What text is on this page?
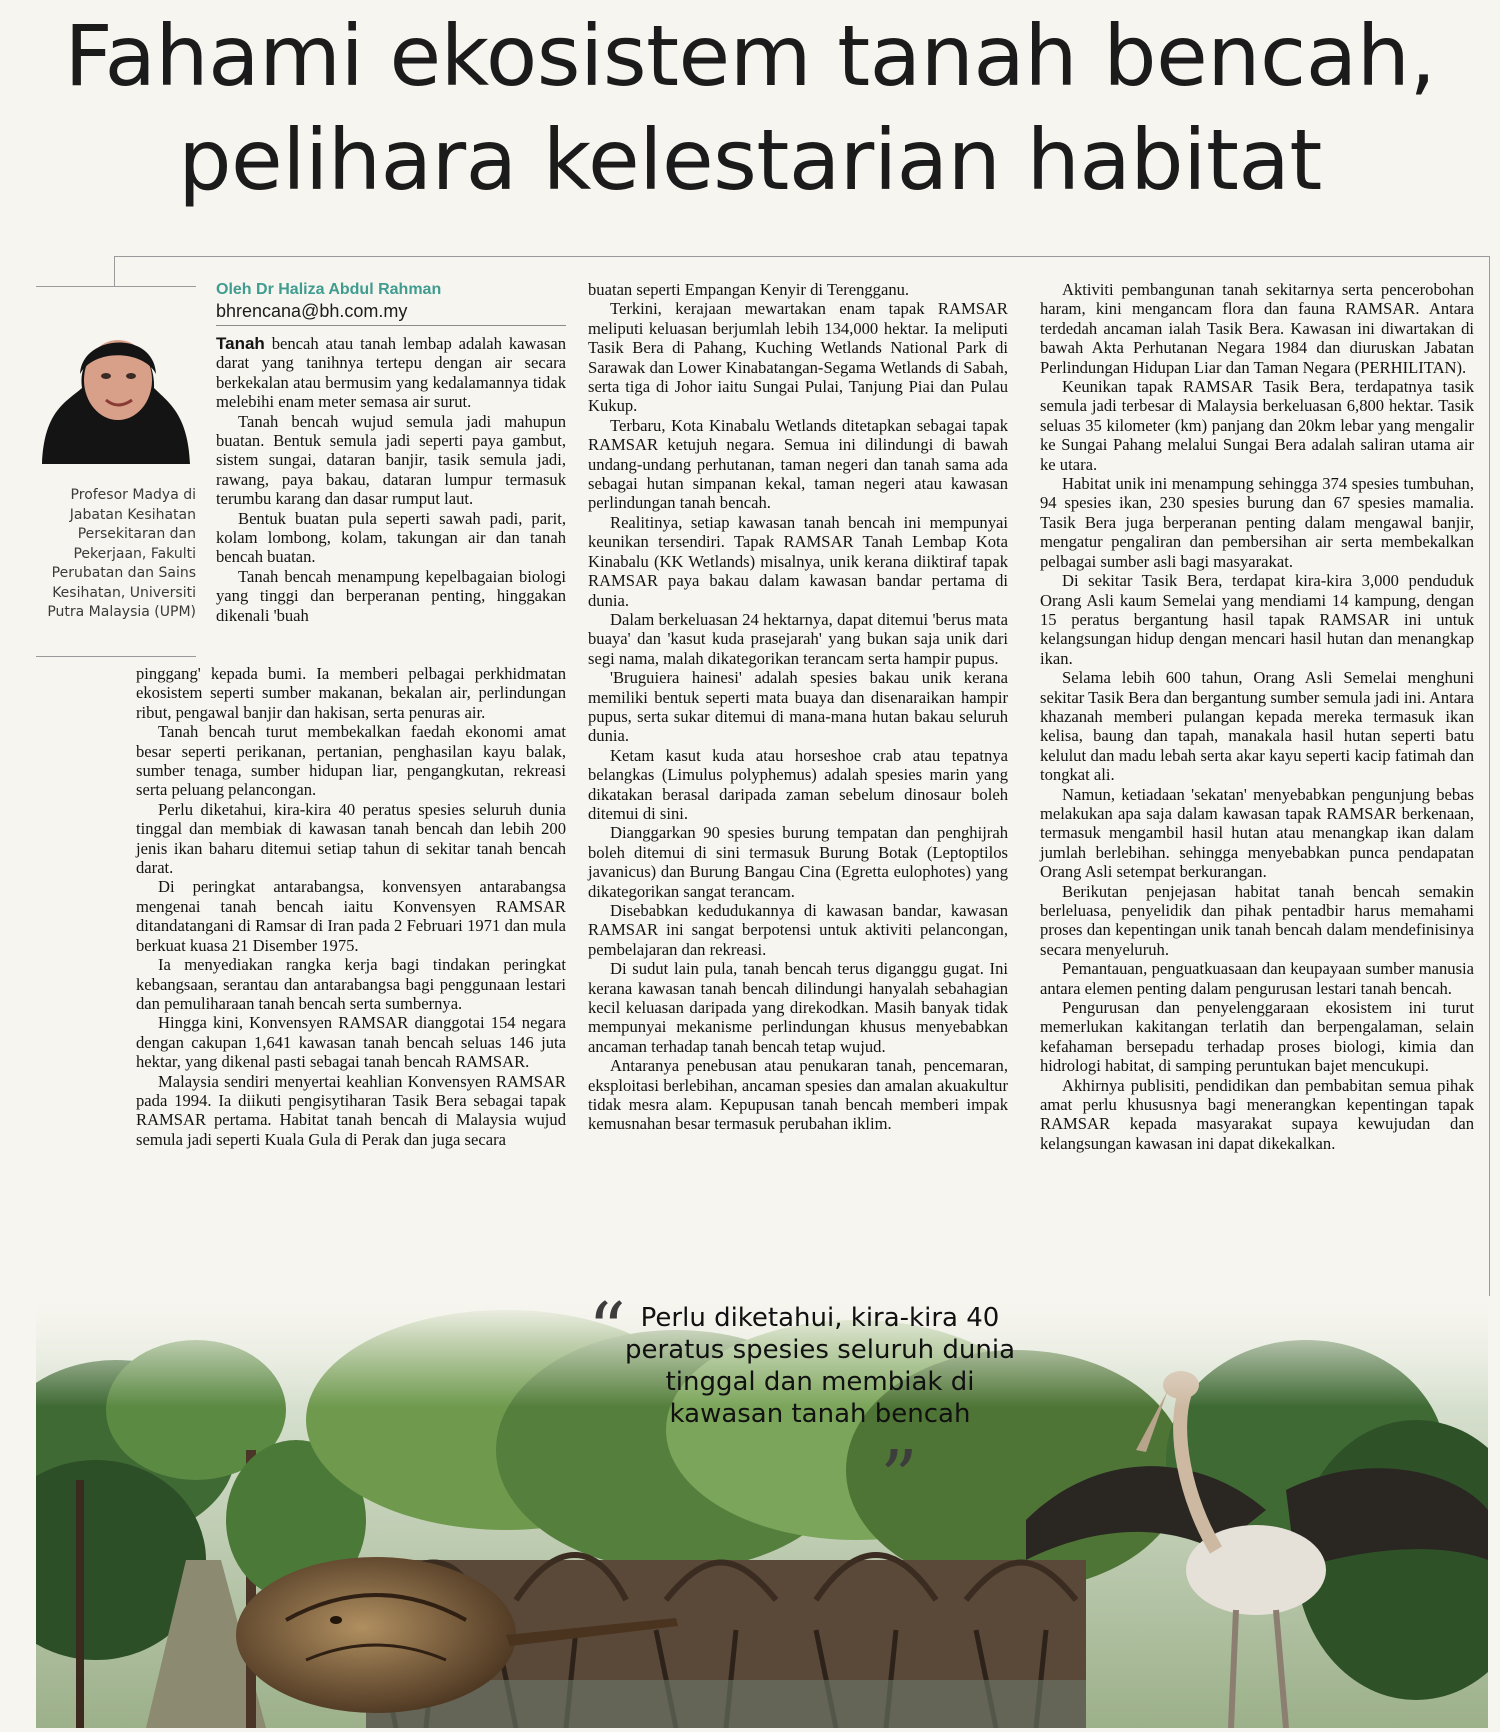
Fahami ekosistem tanah bencah,
pelihara kelestarian habitat
Profesor Madya di Jabatan Kesihatan Persekitaran dan Pekerjaan, Fakulti Perubatan dan Sains Kesihatan, Universiti Putra Malaysia (UPM)
Oleh Dr Haliza Abdul Rahman
bhrencana@bh.com.my

Tanah bencah atau tanah lembap adalah kawasan darat yang tanihnya tertepu dengan air secara berkekalan atau bermusim yang kedalamannya tidak melebihi enam meter semasa air surut.

Tanah bencah wujud semula jadi mahupun buatan. Bentuk semula jadi seperti paya gambut, sistem sungai, dataran banjir, tasik semula jadi, rawang, paya bakau, dataran lumpur termasuk terumbu karang dan dasar rumput laut.

Bentuk buatan pula seperti sawah padi, parit, kolam lombong, kolam, takungan air dan tanah bencah buatan.

Tanah bencah menampung kepelbagaian biologi yang tinggi dan berperanan penting, hinggakan dikenali 'buah

pinggang' kepada bumi. Ia memberi pelbagai perkhidmatan ekosistem seperti sumber makanan, bekalan air, perlindungan ribut, pengawal banjir dan hakisan, serta penuras air.

Tanah bencah turut membekalkan faedah ekonomi amat besar seperti perikanan, pertanian, penghasilan kayu balak, sumber tenaga, sumber hidupan liar, pengangkutan, rekreasi serta peluang pelancongan.

Perlu diketahui, kira-kira 40 peratus spesies seluruh dunia tinggal dan membiak di kawasan tanah bencah dan lebih 200 jenis ikan baharu ditemui setiap tahun di sekitar tanah bencah darat.

Di peringkat antarabangsa, konvensyen antarabangsa mengenai tanah bencah iaitu Konvensyen RAMSAR ditandatangani di Ramsar di Iran pada 2 Februari 1971 dan mula berkuat kuasa 21 Disember 1975.

Ia menyediakan rangka kerja bagi tindakan peringkat kebangsaan, serantau dan antarabangsa bagi penggunaan lestari dan pemuliharaan tanah bencah serta sumbernya.

Hingga kini, Konvensyen RAMSAR dianggotai 154 negara dengan cakupan 1,641 kawasan tanah bencah seluas 146 juta hektar, yang dikenal pasti sebagai tanah bencah RAMSAR.

Malaysia sendiri menyertai keahlian Konvensyen RAMSAR pada 1994. Ia diikuti pengisytiharan Tasik Bera sebagai tapak RAMSAR pertama. Habitat tanah bencah di Malaysia wujud semula jadi seperti Kuala Gula di Perak dan juga secara

buatan seperti Empangan Kenyir di Terengganu.

Terkini, kerajaan mewartakan enam tapak RAMSAR meliputi keluasan berjumlah lebih 134,000 hektar. Ia meliputi Tasik Bera di Pahang, Kuching Wetlands National Park di Sarawak dan Lower Kinabatangan-Segama Wetlands di Sabah, serta tiga di Johor iaitu Sungai Pulai, Tanjung Piai dan Pulau Kukup.

Terbaru, Kota Kinabalu Wetlands ditetapkan sebagai tapak RAMSAR ketujuh negara. Semua ini dilindungi di bawah undang-undang perhutanan, taman negeri dan tanah sama ada sebagai hutan simpanan kekal, taman negeri atau kawasan perlindungan tanah bencah.

Realitinya, setiap kawasan tanah bencah ini mempunyai keunikan tersendiri. Tapak RAMSAR Tanah Lembap Kota Kinabalu (KK Wetlands) misalnya, unik kerana diiktiraf tapak RAMSAR paya bakau dalam kawasan bandar pertama di dunia.

Dalam berkeluasan 24 hektarnya, dapat ditemui 'berus mata buaya' dan 'kasut kuda prasejarah' yang bukan saja unik dari segi nama, malah dikategorikan terancam serta hampir pupus.

'Bruguiera hainesi' adalah spesies bakau unik kerana memiliki bentuk seperti mata buaya dan disenaraikan hampir pupus, serta sukar ditemui di mana-mana hutan bakau seluruh dunia.

Ketam kasut kuda atau horseshoe crab atau tepatnya belangkas (Limulus polyphemus) adalah spesies marin yang dikatakan berasal daripada zaman sebelum dinosaur boleh ditemui di sini.

Dianggarkan 90 spesies burung tempatan dan penghijrah boleh ditemui di sini termasuk Burung Botak (Leptoptilos javanicus) dan Burung Bangau Cina (Egretta eulophotes) yang dikategorikan sangat terancam.

Disebabkan kedudukannya di kawasan bandar, kawasan RAMSAR ini sangat berpotensi untuk aktiviti pelancongan, pembelajaran dan rekreasi.

Di sudut lain pula, tanah bencah terus diganggu gugat. Ini kerana kawasan tanah bencah dilindungi hanyalah sebahagian kecil keluasan daripada yang direkodkan. Masih banyak tidak mempunyai mekanisme perlindungan khusus menyebabkan ancaman terhadap tanah bencah tetap wujud.

Antaranya penebusan atau penukaran tanah, pencemaran, eksploitasi berlebihan, ancaman spesies dan amalan akuakultur tidak mesra alam. Kepupusan tanah bencah memberi impak kemusnahan besar termasuk perubahan iklim.

Aktiviti pembangunan tanah sekitarnya serta pencerobohan haram, kini mengancam flora dan fauna RAMSAR. Antara terdedah ancaman ialah Tasik Bera. Kawasan ini diwartakan di bawah Akta Perhutanan Negara 1984 dan diuruskan Jabatan Perlindungan Hidupan Liar dan Taman Negara (PERHILITAN).

Keunikan tapak RAMSAR Tasik Bera, terdapatnya tasik semula jadi terbesar di Malaysia berkeluasan 6,800 hektar. Tasik seluas 35 kilometer (km) panjang dan 20km lebar yang mengalir ke Sungai Pahang melalui Sungai Bera adalah saliran utama air ke utara.

Habitat unik ini menampung sehingga 374 spesies tumbuhan, 94 spesies ikan, 230 spesies burung dan 67 spesies mamalia. Tasik Bera juga berperanan penting dalam mengawal banjir, mengatur pengaliran dan pembersihan air serta membekalkan pelbagai sumber asli bagi masyarakat.

Di sekitar Tasik Bera, terdapat kira-kira 3,000 penduduk Orang Asli kaum Semelai yang mendiami 14 kampung, dengan 15 peratus bergantung hasil tapak RAMSAR ini untuk kelangsungan hidup dengan mencari hasil hutan dan menangkap ikan.

Selama lebih 600 tahun, Orang Asli Semelai menghuni sekitar Tasik Bera dan bergantung sumber semula jadi ini. Antara khazanah memberi pulangan kepada mereka termasuk ikan kelisa, baung dan tapah, manakala hasil hutan seperti batu kelulut dan madu lebah serta akar kayu seperti kacip fatimah dan tongkat ali.

Namun, ketiadaan 'sekatan' menyebabkan pengunjung bebas melakukan apa saja dalam kawasan tapak RAMSAR berkenaan, termasuk mengambil hasil hutan atau menangkap ikan dalam jumlah berlebihan. sehingga menyebabkan punca pendapatan Orang Asli setempat berkurangan.

Berikutan penjejasan habitat tanah bencah semakin berleluasa, penyelidik dan pihak pentadbir harus memahami proses dan kepentingan unik tanah bencah dalam mendefinisinya secara menyeluruh.

Pemantauan, penguatkuasaan dan keupayaan sumber manusia antara elemen penting dalam pengurusan lestari tanah bencah.

Pengurusan dan penyelenggaraan ekosistem ini turut memerlukan kakitangan terlatih dan berpengalaman, selain kefahaman bersepadu terhadap proses biologi, kimia dan hidrologi habitat, di samping peruntukan bajet mencukupi.

Akhirnya publisiti, pendidikan dan pembabitan semua pihak amat perlu khususnya bagi menerangkan kepentingan tapak RAMSAR kepada masyarakat supaya kewujudan dan kelangsungan kawasan ini dapat dikekalkan.

“ Perlu diketahui, kira-kira 40 peratus spesies seluruh dunia tinggal dan membiak di kawasan tanah bencah
”
